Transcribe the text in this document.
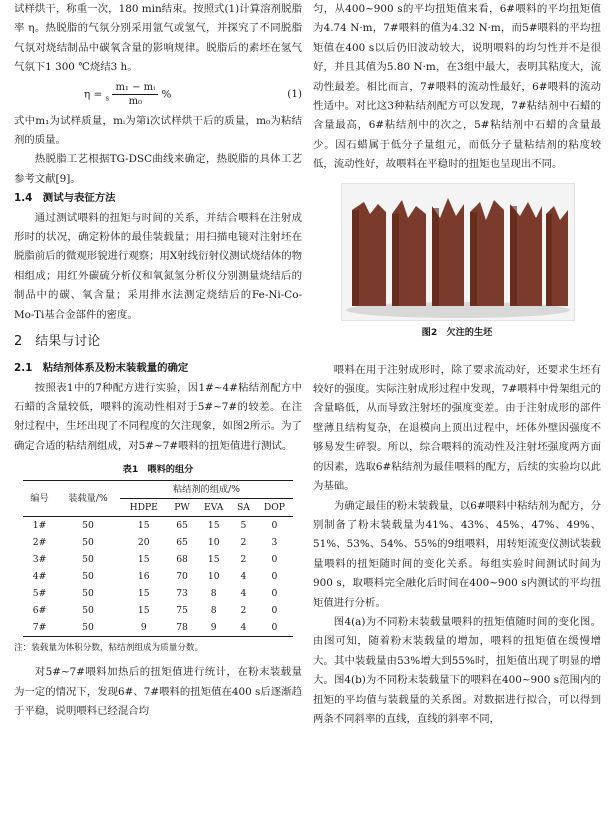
试样烘干，称重一次，180 min结束。按照式(1)计算溶剂脱脂率 η。热脱脂的气氛分别采用氩气或氢气，并探究了不同脱脂气氛对烧结制品中碳氧含量的影响规律。脱脂后的素坯在氢气气氛下1 300 ℃烧结3 h。

$\eta = _s \frac{\text{m₁ − mᵢ}}{\text{m₀}}$ %	(1)

式中m₁为试样质量，mᵢ为第i次试样烘干后的质量，m₀为粘结剂的质量。

热脱脂工艺根据TG-DSC曲线来确定，热脱脂的具体工艺参考文献[9]。

1.4　测试与表征方法

通过测试喂料的扭矩与时间的关系，并结合喂料在注射成形时的状况，确定粉体的最佳装载量；用扫描电镜对注射坯在脱脂前后的微观形貌进行观察；用X射线衍射仪测试烧结体的物相组成；用红外碳硫分析仪和氧氮氢分析仪分别测量烧结后的制品中的碳、氧含量；采用排水法测定烧结后的Fe-Ni-Co-Mo-Ti基合金部件的密度。

2　结果与讨论

2.1　粘结剂体系及粉末装载量的确定

按照表1中的7种配方进行实验，因1#~4#粘结剂配方中石蜡的含量较低，喂料的流动性相对于5#~7#的较差。在注射过程中，生坯出现了不同程度的欠注现象，如图2所示。为了确定合适的粘结剂组成，对5#~7#喂料的扭矩值进行测试。

表1　喂料的组分
编号	装载量/%	粘结剂的组成/%				
		HDPE	PW	EVA	SA	DOP
1#	50	15	65	15	5	0
2#	50	20	65	10	2	3
3#	50	15	68	15	2	0
4#	50	16	70	10	4	0
5#	50	15	73	8	4	0
6#	50	15	75	8	2	0
7#	50	9	78	9	4	0

注：装载量为体积分数，粘结剂组成为质量分数。

对5#~7#喂料加热后的扭矩值进行统计，在粉末装载量为一定的情况下，发现6#、7#喂料的扭矩值在400 s后逐渐趋于平稳，说明喂料已经混合均

匀，从400~900 s的平均扭矩值来看，6#喂料的平均扭矩值为4.74 N·m，7#喂料的值为4.32 N·m，而5#喂料的平均扭矩值在400 s以后仍旧波动较大，说明喂料的均匀性并不是很好，并且其值为5.80 N·m，在3组中最大，表明其粘度大，流动性最差。相比而言，7#喂料的流动性最好，6#喂料的流动性适中。对比这3种粘结剂配方可以发现，7#粘结剂中石蜡的含量最高，6#粘结剂中的次之，5#粘结剂中石蜡的含量最少。因石蜡属于低分子量组元，而低分子量粘结剂的粘度较低，流动性好，故喂料在平稳时的扭矩也呈现出不同。

图2　欠注的生坯

喂料在用于注射成形时，除了要求流动好，还要求生坯有较好的强度。实际注射成形过程中发现，7#喂料中骨架组元的含量略低，从而导致注射坯的强度变差。由于注射成形的部件壁薄且结构复杂，在退模向上顶出过程中，坯体外壁因强度不够易发生碎裂。所以，综合喂料的流动性及注射坯强度两方面的因素，选取6#粘结剂为最佳喂料的配方，后续的实验均以此为基础。

为确定最佳的粉末装载量，以6#喂料中粘结剂为配方，分别制备了粉末装载量为41%、43%、45%、47%、49%、51%、53%、54%、55%的9组喂料，用转矩流变仪测试装载量喂料的扭矩随时间的变化关系。每组实验时间测试时间为900 s，取喂料完全融化后时间在400~900 s内测试的平均扭矩值进行分析。

图4(a)为不同粉末装载量喂料的扭矩值随时间的变化图。由图可知，随着粉末装载量的增加，喂料的扭矩值在缓慢增大。其中装载量由53%增大到55%时，扭矩值出现了明显的增大。图4(b)为不同粉末装载量下的喂料在400~900 s范围内的扭矩的平均值与装载量的关系图。对数据进行拟合，可以得到两条不同斜率的直线，直线的斜率不同，
